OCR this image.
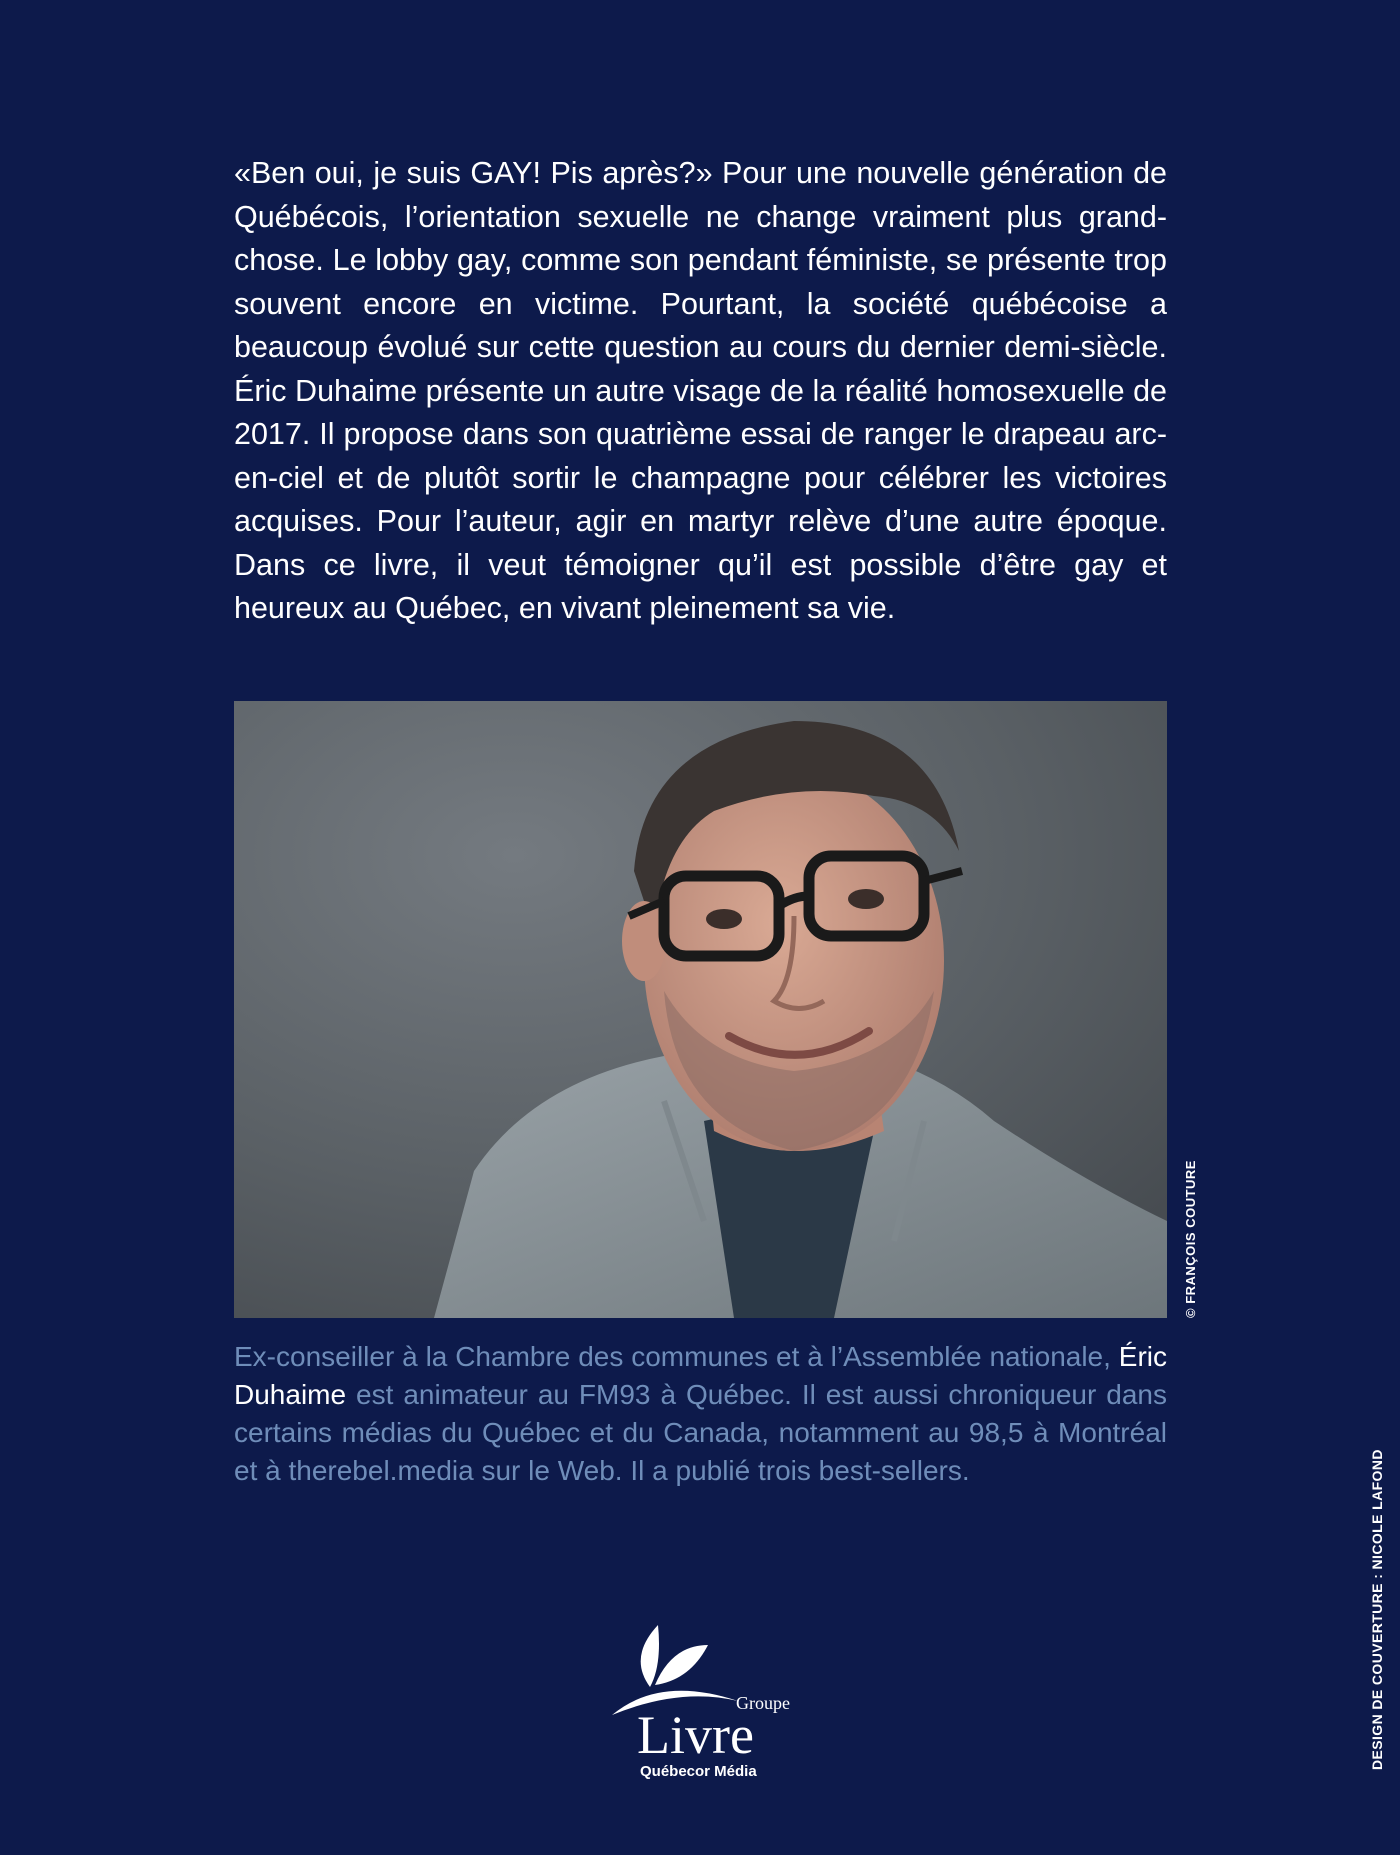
«Ben oui, je suis GAY! Pis après?» Pour une nouvelle génération de Québécois, l’orientation sexuelle ne change vraiment plus grand-chose. Le lobby gay, comme son pendant féministe, se présente trop souvent encore en victime. Pourtant, la société québécoise a beaucoup évolué sur cette question au cours du dernier demi-siècle. Éric Duhaime présente un autre visage de la réalité homosexuelle de 2017. Il propose dans son quatrième essai de ranger le drapeau arc-en-ciel et de plutôt sortir le champagne pour célébrer les victoires acquises. Pour l’auteur, agir en martyr relève d’une autre époque. Dans ce livre, il veut témoigner qu’il est possible d’être gay et heureux au Québec, en vivant pleinement sa vie.

© FRANÇOIS COUTURE

Ex-conseiller à la Chambre des communes et à l’Assemblée nationale, Éric Duhaime est animateur au FM93 à Québec. Il est aussi chroniqueur dans certains médias du Québec et du Canada, notamment au 98,5 à Montréal et à therebel.media sur le Web. Il a publié trois best-sellers.	DESIGN DE COUVERTURE : NICOLE LAFOND
Groupe
Livre
Québecor Média
